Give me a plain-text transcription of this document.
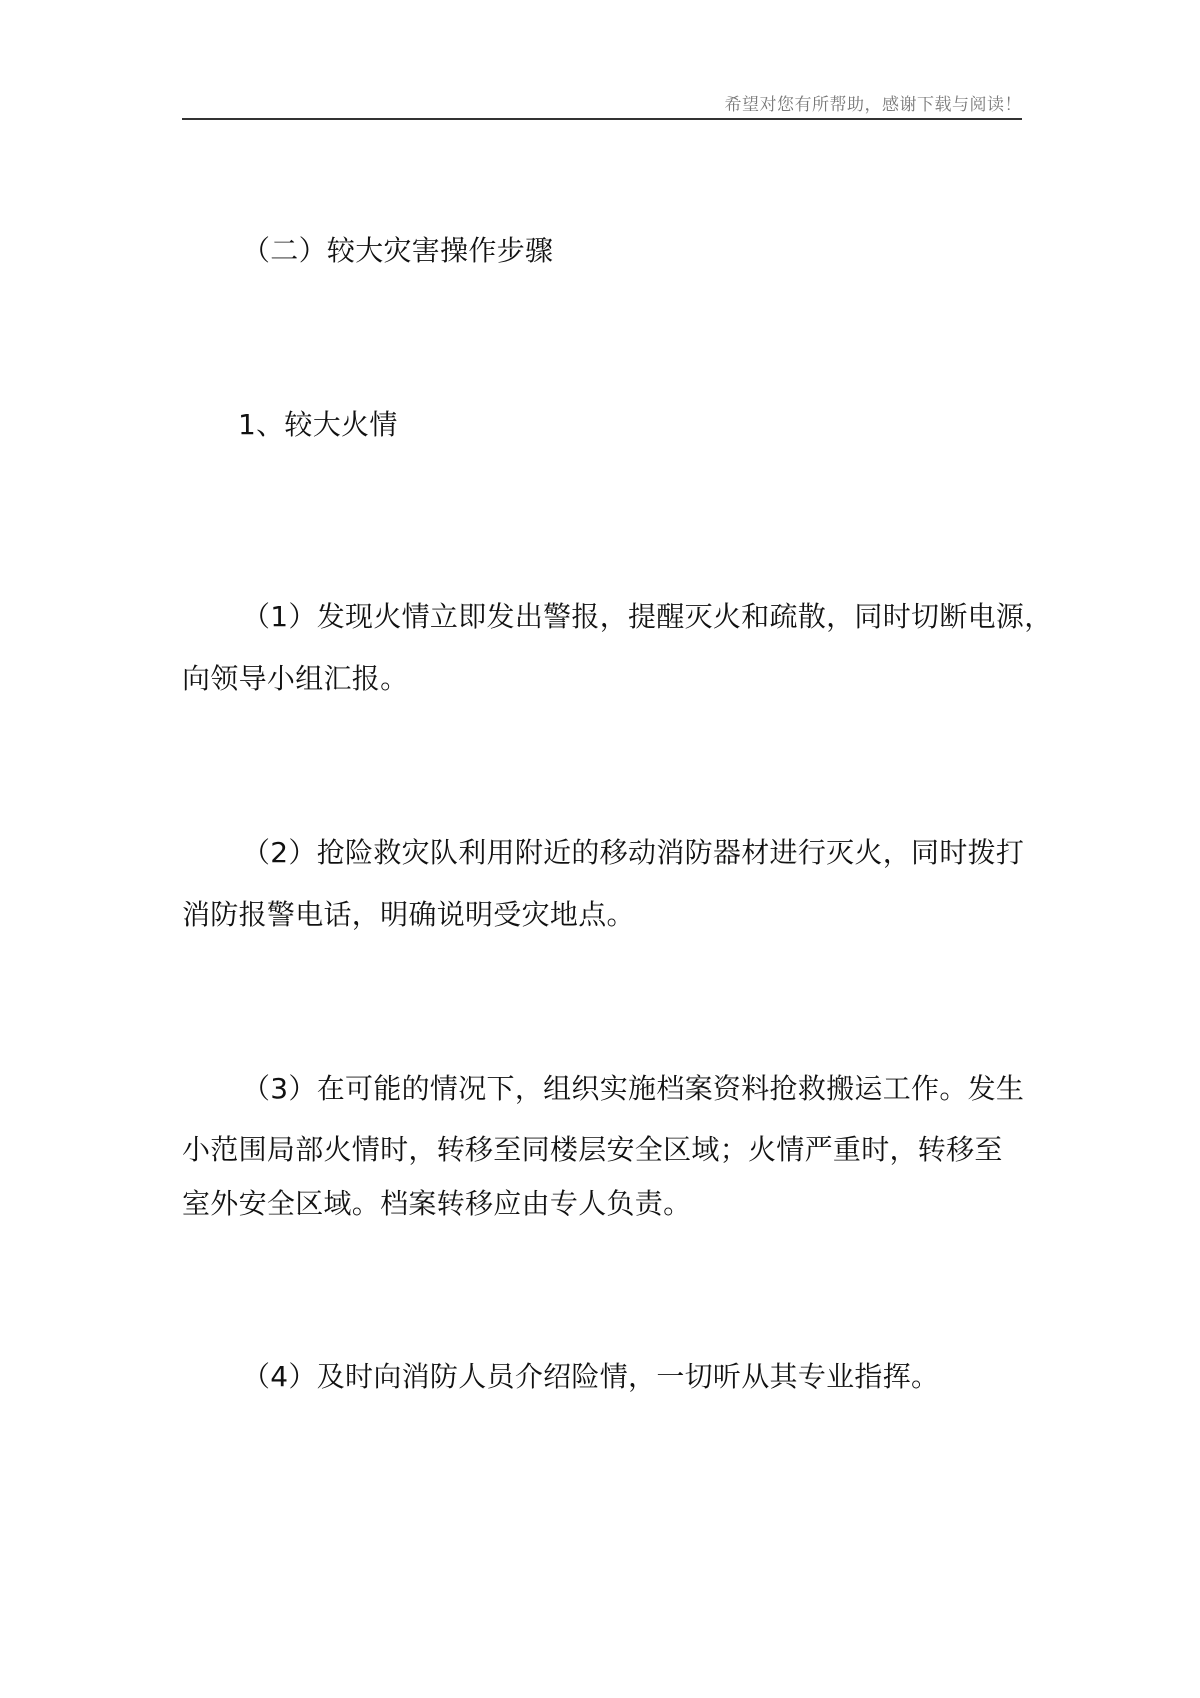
希望对您有所帮助，感谢下载与阅读！
（二）较大灾害操作步骤
1、较大火情
（1）发现火情立即发出警报，提醒灭火和疏散，同时切断电源，
向领导小组汇报。
（2）抢险救灾队利用附近的移动消防器材进行灭火，同时拨打
消防报警电话，明确说明受灾地点。
（3）在可能的情况下，组织实施档案资料抢救搬运工作。发生
小范围局部火情时，转移至同楼层安全区域；火情严重时，转移至
室外安全区域。档案转移应由专人负责。
（4）及时向消防人员介绍险情，一切听从其专业指挥。
